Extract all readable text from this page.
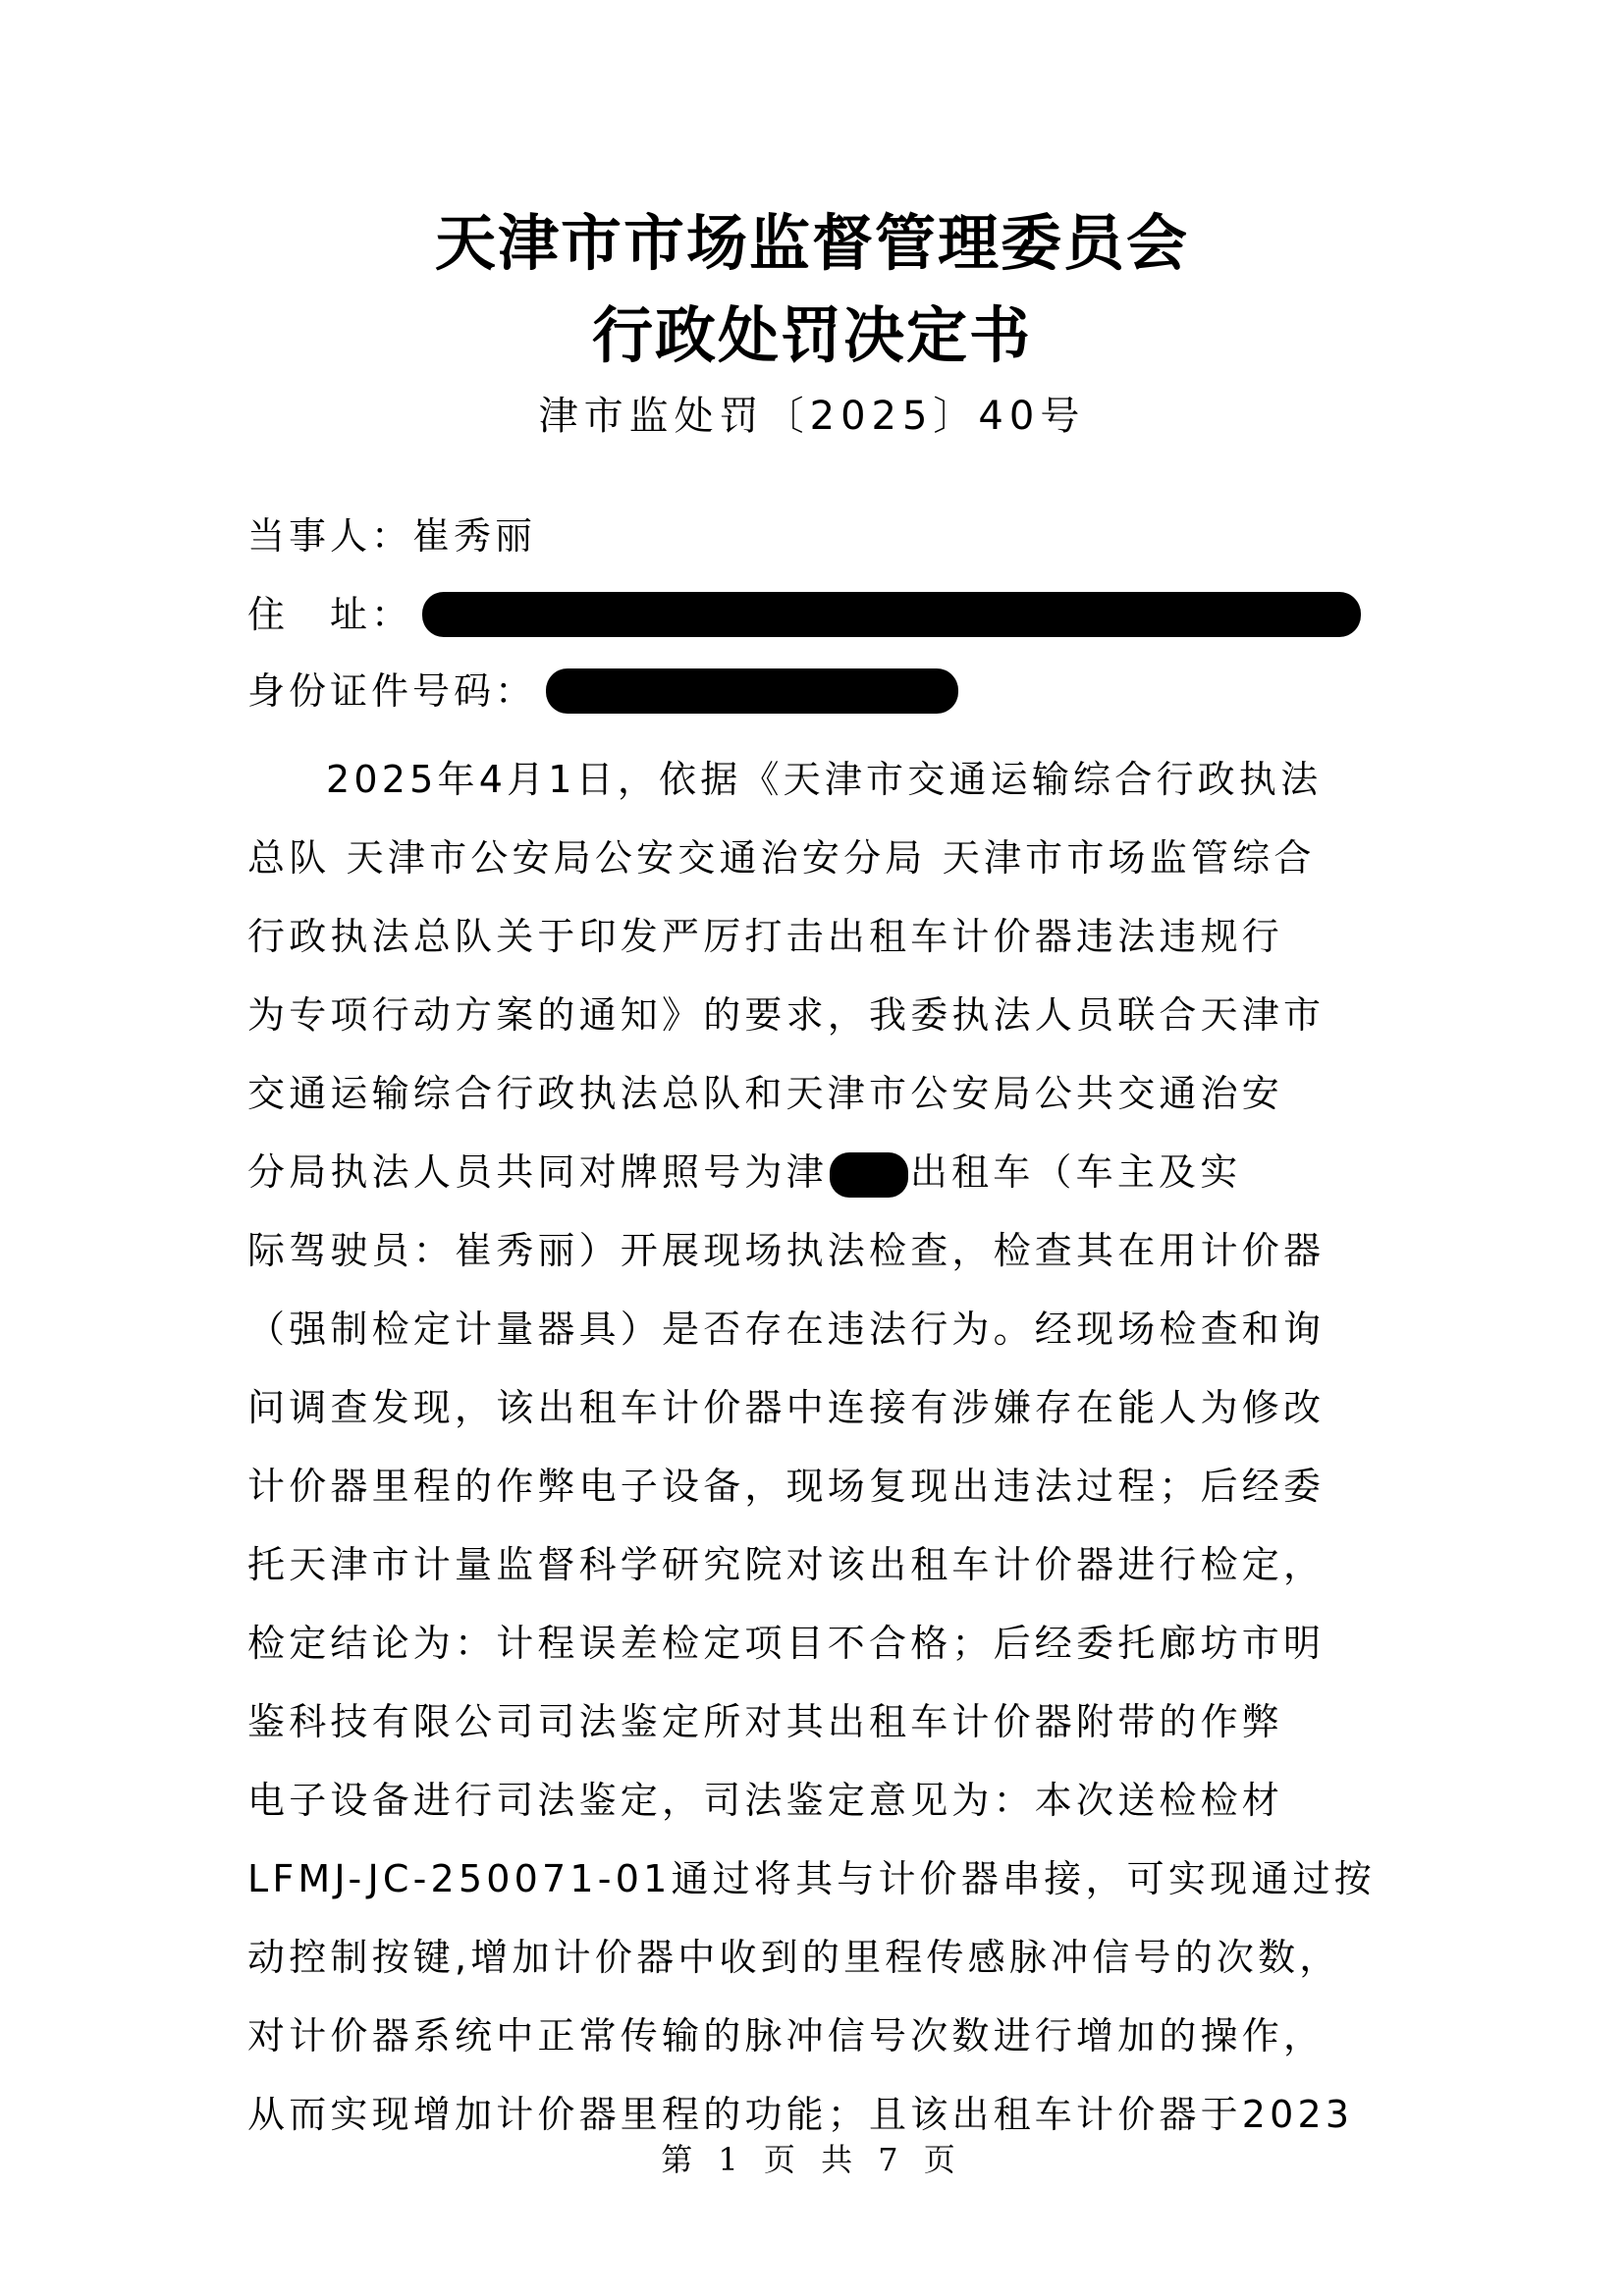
天津市市场监督管理委员会
行政处罚决定书
津市监处罚〔2025〕40号
当事人： 崔秀丽
住　址：
身份证件号码：
2025年4月1日，依据《天津市交通运输综合行政执法
总队 天津市公安局公安交通治安分局 天津市市场监管综合
行政执法总队关于印发严厉打击出租车计价器违法违规行
为专项行动方案的通知》的要求，我委执法人员联合天津市
交通运输综合行政执法总队和天津市公安局公共交通治安
分局执法人员共同对牌照号为津 出租车（车主及实
际驾驶员：崔秀丽）开展现场执法检查，检查其在用计价器
（强制检定计量器具）是否存在违法行为。经现场检查和询
问调查发现，该出租车计价器中连接有涉嫌存在能人为修改
计价器里程的作弊电子设备，现场复现出违法过程；后经委
托天津市计量监督科学研究院对该出租车计价器进行检定，
检定结论为：计程误差检定项目不合格；后经委托廊坊市明
鉴科技有限公司司法鉴定所对其出租车计价器附带的作弊
电子设备进行司法鉴定，司法鉴定意见为：本次送检检材
LFMJ-JC-250071-01通过将其与计价器串接，可实现通过按
动控制按键,增加计价器中收到的里程传感脉冲信号的次数，
对计价器系统中正常传输的脉冲信号次数进行增加的操作，
从而实现增加计价器里程的功能；且该出租车计价器于2023
第 1 页 共 7 页
